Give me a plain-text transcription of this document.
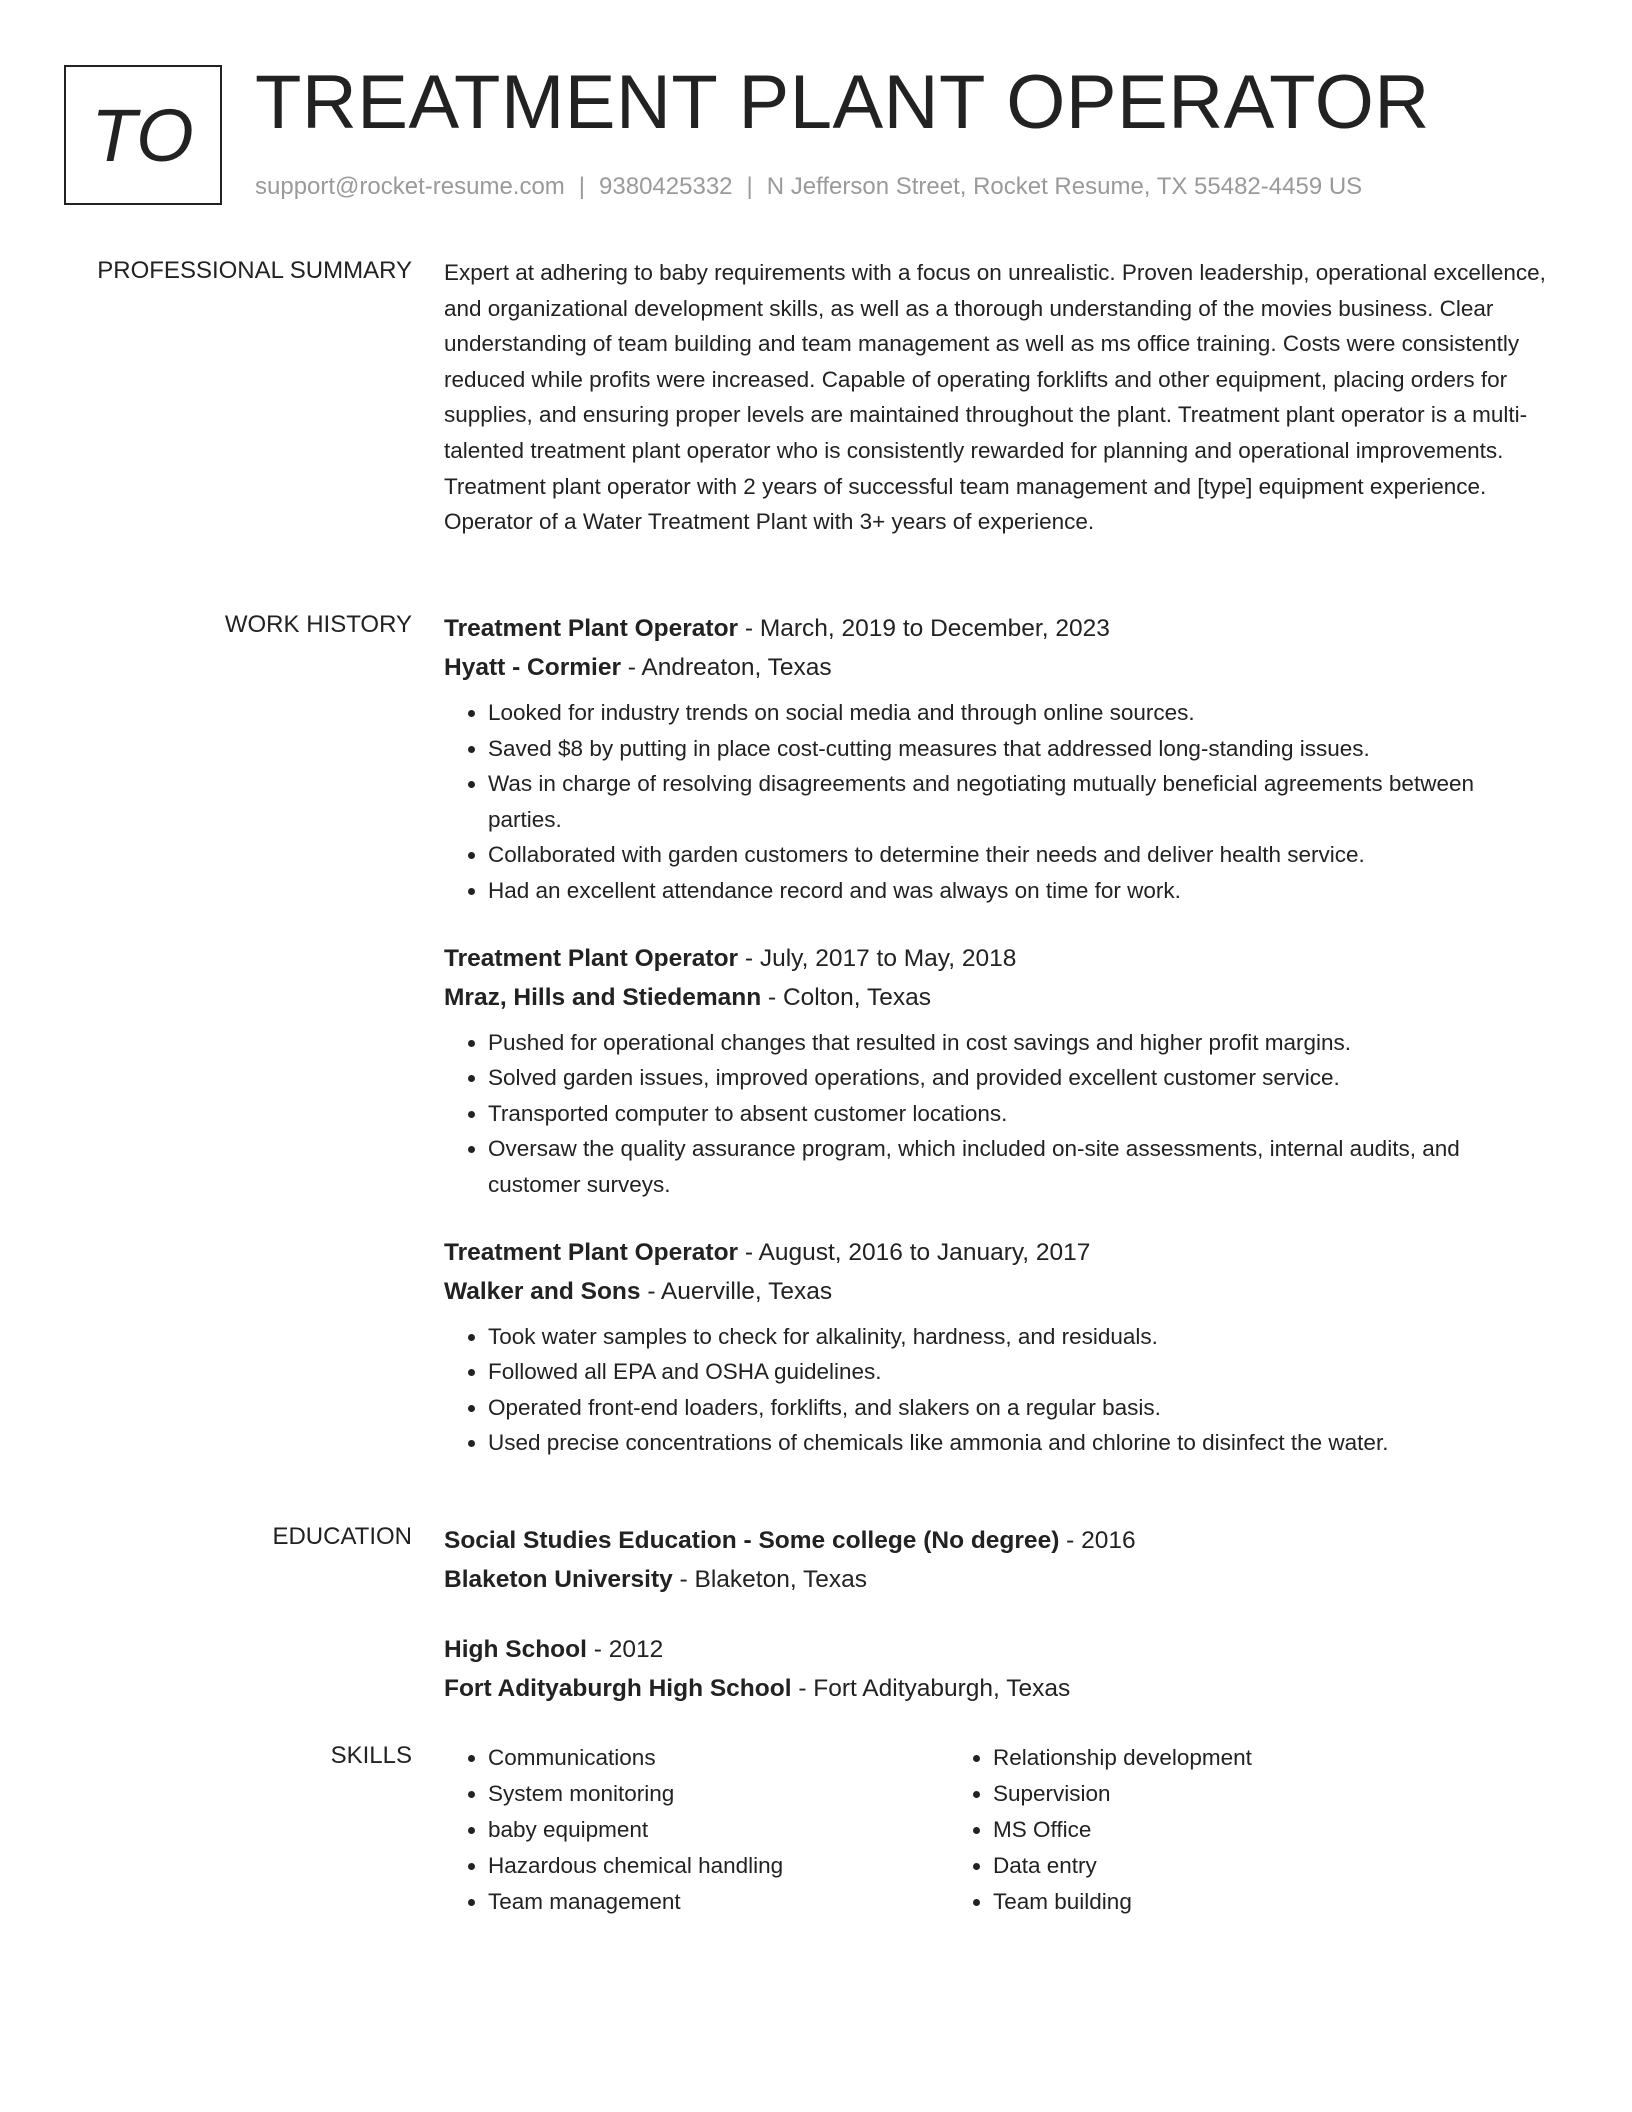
TO TREATMENT PLANT OPERATOR
support@rocket-resume.com | 9380425332 | N Jefferson Street, Rocket Resume, TX 55482-4459 US
PROFESSIONAL SUMMARY Expert at adhering to baby requirements with a focus on unrealistic. Proven leadership, operational excellence, and organizational development skills, as well as a thorough understanding of the movies business. Clear understanding of team building and team management as well as ms office training. Costs were consistently reduced while profits were increased. Capable of operating forklifts and other equipment, placing orders for supplies, and ensuring proper levels are maintained throughout the plant. Treatment plant operator is a multi-talented treatment plant operator who is consistently rewarded for planning and operational improvements. Treatment plant operator with 2 years of successful team management and [type] equipment experience. Operator of a Water Treatment Plant with 3+ years of experience.

WORK HISTORY Treatment Plant Operator - March, 2019 to December, 2023
Hyatt - Cormier - Andreaton, Texas
• Looked for industry trends on social media and through online sources.
• Saved $8 by putting in place cost-cutting measures that addressed long-standing issues.
• Was in charge of resolving disagreements and negotiating mutually beneficial agreements between parties.
• Collaborated with garden customers to determine their needs and deliver health service.
• Had an excellent attendance record and was always on time for work.
Treatment Plant Operator - July, 2017 to May, 2018
Mraz, Hills and Stiedemann - Colton, Texas
• Pushed for operational changes that resulted in cost savings and higher profit margins.
• Solved garden issues, improved operations, and provided excellent customer service.
• Transported computer to absent customer locations.
• Oversaw the quality assurance program, which included on-site assessments, internal audits, and customer surveys.
Treatment Plant Operator - August, 2016 to January, 2017
Walker and Sons - Auerville, Texas
• Took water samples to check for alkalinity, hardness, and residuals.
• Followed all EPA and OSHA guidelines.
• Operated front-end loaders, forklifts, and slakers on a regular basis.
• Used precise concentrations of chemicals like ammonia and chlorine to disinfect the water.
EDUCATION Social Studies Education - Some college (No degree) - 2016
Blaketon University - Blaketon, Texas
High School - 2012
Fort Adityaburgh High School - Fort Adityaburgh, Texas
SKILLS
•	Communications
• System monitoring
• baby equipment
• Hazardous chemical handling
• Team management
• Relationship development
• Supervision
• MS Office
• Data entry
• Team building
